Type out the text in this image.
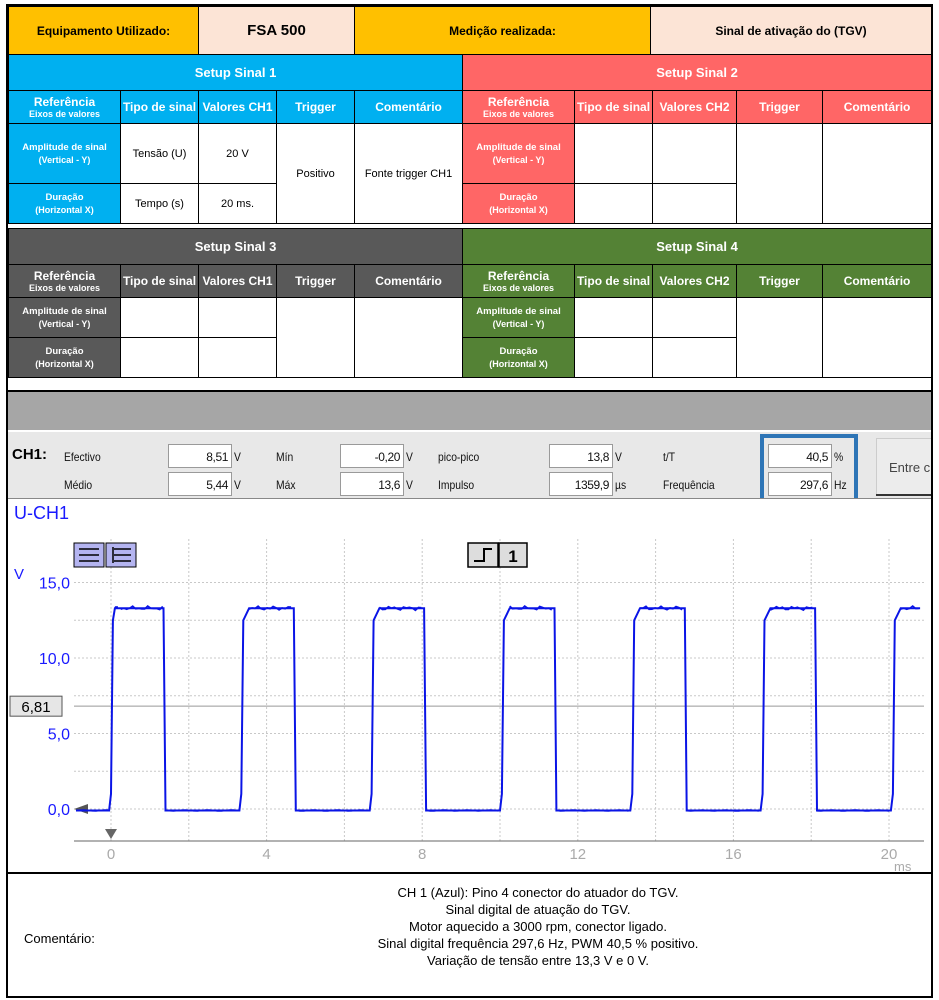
Equipamento Utilizado:	FSA 500	Medição realizada:	Sinal de ativação do (TGV)
Setup Sinal 1				
Referência
Eixos de valores	Tipo de sinal	Valores CH1	Trigger	Comentário
Amplitude de sinal
(Vertical - Y)	Tensão (U)	20 V	Positivo	Fonte trigger CH1
Duração
(Horizontal X)	Tempo (s)	20 ms.		
Setup Sinal 2				
Referência
Eixos de valores	Tipo de sinal	Valores CH2	Trigger	Comentário
Amplitude de sinal
(Vertical - Y)				

Duração
(Horizontal X)				

Setup Sinal 3				
Referência
Eixos de valores	Tipo de sinal	Valores CH1	Trigger	Comentário
Amplitude de sinal
(Vertical - Y)				

Duração
(Horizontal X)				

Setup Sinal 4				
Referência
Eixos de valores	Tipo de sinal	Valores CH2	Trigger	Comentário
Amplitude de sinal
(Vertical - Y)				

Duração
(Horizontal X)				

CH1: Efectivo	8,51 V
Médio	5,44 V
Mín	-0,20 V
Máx	13,6 V
pico-pico	13,8 V
Impulso	1359,9 µs
t/T	40,5 %
Frequência	297,6 Hz
Entre c
15,0
10,0
5,0
0,0
V
0	4	8	12	16	20
ms
6,81
1
U-CH1
Comentário:
CH 1 (Azul): Pino 4 conector do atuador do TGV.
Sinal digital de atuação do TGV.
Motor aquecido a 3000 rpm, conector ligado.
Sinal digital frequência 297,6 Hz, PWM 40,5 % positivo.
Variação de tensão entre 13,3 V e 0 V.
